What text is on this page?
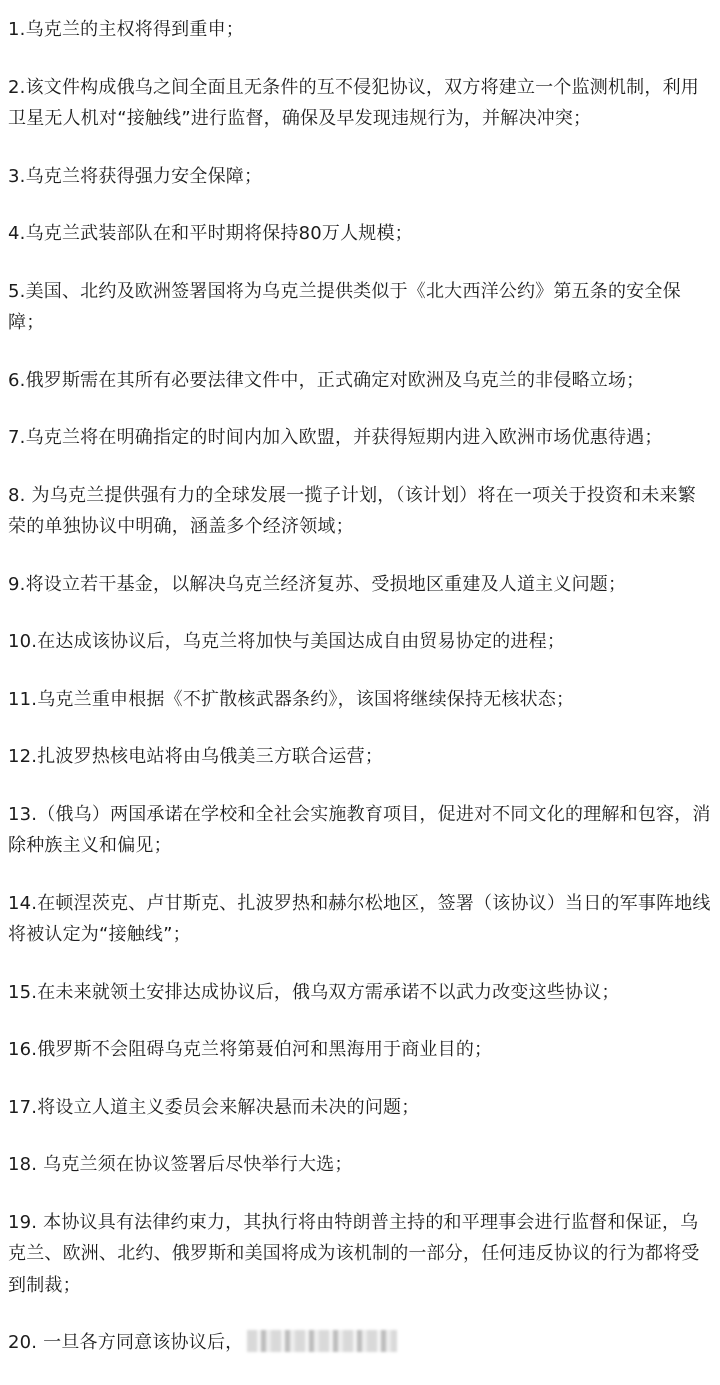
1.乌克兰的主权将得到重申；

2.该文件构成俄乌之间全面且无条件的互不侵犯协议，双方将建立一个监测机制，利用卫星无人机对“接触线”进行监督，确保及早发现违规行为，并解决冲突；

3.乌克兰将获得强力安全保障；

4.乌克兰武装部队在和平时期将保持80万人规模；

5.美国、北约及欧洲签署国将为乌克兰提供类似于《北大西洋公约》第五条的安全保障；

6.俄罗斯需在其所有必要法律文件中，正式确定对欧洲及乌克兰的非侵略立场；

7.乌克兰将在明确指定的时间内加入欧盟，并获得短期内进入欧洲市场优惠待遇；

8. 为乌克兰提供强有力的全球发展一揽子计划，（该计划）将在一项关于投资和未来繁荣的单独协议中明确，涵盖多个经济领域；

9.将设立若干基金，以解决乌克兰经济复苏、受损地区重建及人道主义问题；

10.在达成该协议后，乌克兰将加快与美国达成自由贸易协定的进程；

11.乌克兰重申根据《不扩散核武器条约》，该国将继续保持无核状态；

12.扎波罗热核电站将由乌俄美三方联合运营；

13.（俄乌）两国承诺在学校和全社会实施教育项目，促进对不同文化的理解和包容，消除种族主义和偏见；

14.在顿涅茨克、卢甘斯克、扎波罗热和赫尔松地区，签署（该协议）当日的军事阵地线将被认定为“接触线”；

15.在未来就领土安排达成协议后，俄乌双方需承诺不以武力改变这些协议；

16.俄罗斯不会阻碍乌克兰将第聂伯河和黑海用于商业目的；

17.将设立人道主义委员会来解决悬而未决的问题；

18. 乌克兰须在协议签署后尽快举行大选；

19. 本协议具有法律约束力，其执行将由特朗普主持的和平理事会进行监督和保证，乌克兰、欧洲、北约、俄罗斯和美国将成为该机制的一部分，任何违反协议的行为都将受到制裁；

20. 一旦各方同意该协议后，
